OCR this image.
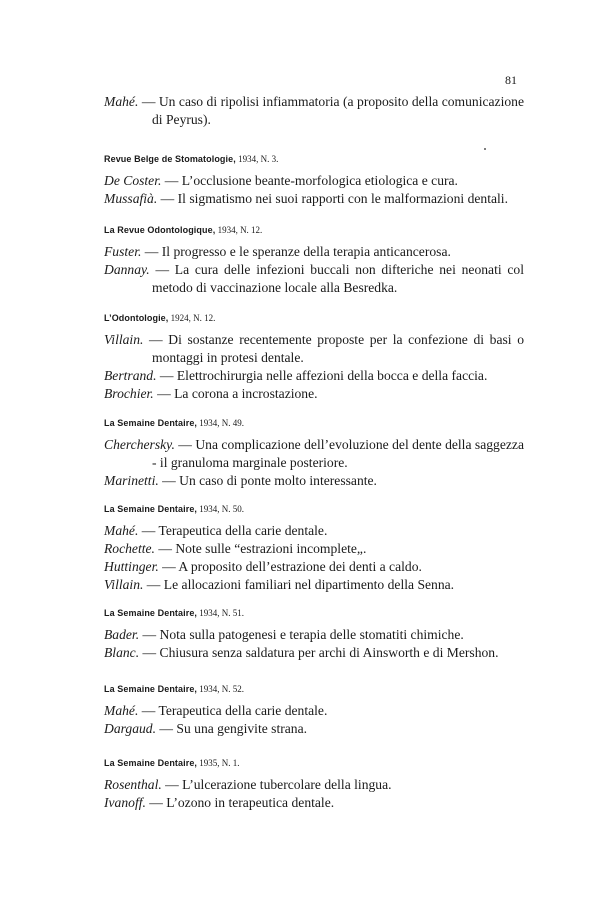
81
Mahé. — Un caso di ripolisi infiammatoria (a proposito della comunicazione di Peyrus).
Revue Belge de Stomatologie, 1934, N. 3.
De Coster. — L’occlusione beante-morfologica etiologica e cura.
Mussafià. — Il sigmatismo nei suoi rapporti con le malformazioni dentali.
La Revue Odontologique, 1934, N. 12.
Fuster. — Il progresso e le speranze della terapia anticancerosa.
Dannay. — La cura delle infezioni buccali non difteriche nei neonati col metodo di vaccinazione locale alla Besredka.
L’Odontologie, 1924, N. 12.
Villain. — Di sostanze recentemente proposte per la confezione di basi o montaggi in protesi dentale.
Bertrand. — Elettrochirurgia nelle affezioni della bocca e della faccia.
Brochier. — La corona a incrostazione.
La Semaine Dentaire, 1934, N. 49.
Cherchersky. — Una complicazione dell’evoluzione del dente della saggezza - il granuloma marginale posteriore.
Marinetti. — Un caso di ponte molto interessante.
La Semaine Dentaire, 1934, N. 50.
Mahé. — Terapeutica della carie dentale.
Rochette. — Note sulle “estrazioni incomplete„.
Huttinger. — A proposito dell’estrazione dei denti a caldo.
Villain. — Le allocazioni familiari nel dipartimento della Senna.
La Semaine Dentaire, 1934, N. 51.
Bader. — Nota sulla patogenesi e terapia delle stomatiti chimiche.
Blanc. — Chiusura senza saldatura per archi di Ainsworth e di Mershon.
La Semaine Dentaire, 1934, N. 52.
Mahé. — Terapeutica della carie dentale.
Dargaud. — Su una gengivite strana.
La Semaine Dentaire, 1935, N. 1.
Rosenthal. — L’ulcerazione tubercolare della lingua.
Ivanoff. — L’ozono in terapeutica dentale.
